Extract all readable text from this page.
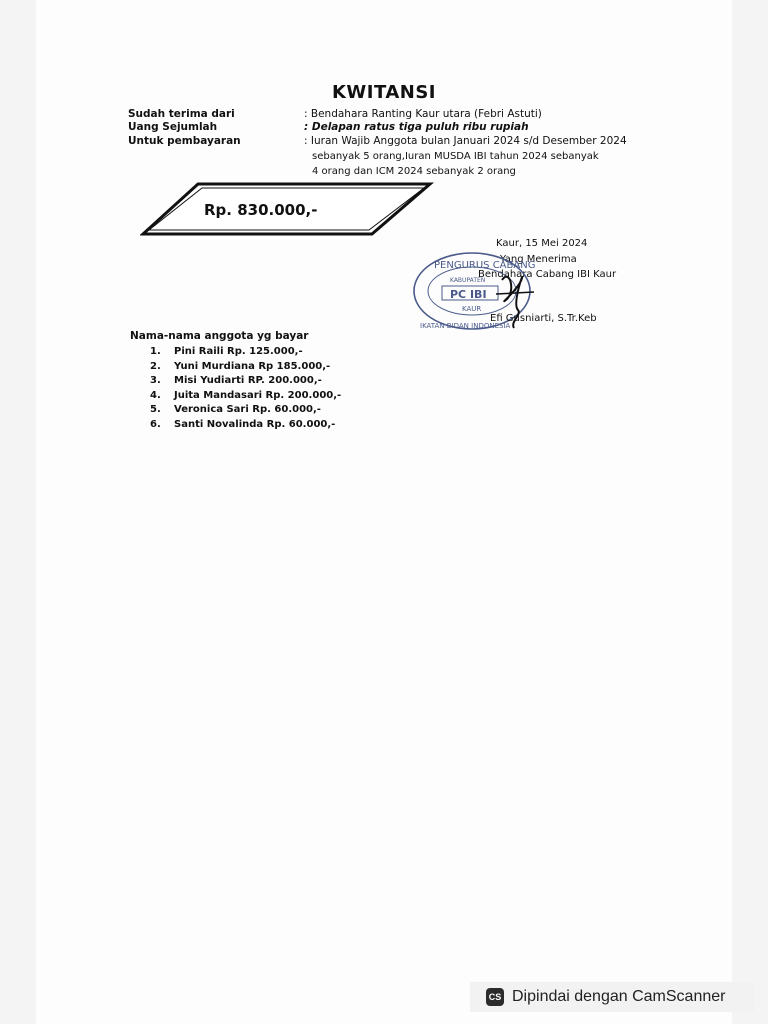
KWITANSI
Sudah terima dari	: Bendahara Ranting Kaur utara (Febri Astuti)
Uang Sejumlah	: Delapan ratus tiga puluh ribu rupiah
Untuk pembayaran	: Iuran Wajib Anggota bulan Januari 2024 s/d Desember 2024
sebanyak 5 orang,Iuran MUSDA IBI tahun 2024 sebanyak
4 orang dan ICM 2024 sebanyak 2 orang
Rp. 830.000,-
Kaur, 15 Mei 2024
Yang Menerima
Bendahara Cabang IBI Kaur
PENGURUS CABANG
KABUPATEN
PC IBI
KAUR
IKATAN BIDAN INDONESIA
Efi Gusniarti, S.Tr.Keb
Nama-nama anggota yg bayar
1. Pini Raili Rp. 125.000,-
2. Yuni Murdiana Rp 185.000,-
3. Misi Yudiarti RP. 200.000,-
4. Juita Mandasari Rp. 200.000,-
5. Veronica Sari Rp. 60.000,-
6. Santi Novalinda Rp. 60.000,-
CS Dipindai dengan CamScanner
